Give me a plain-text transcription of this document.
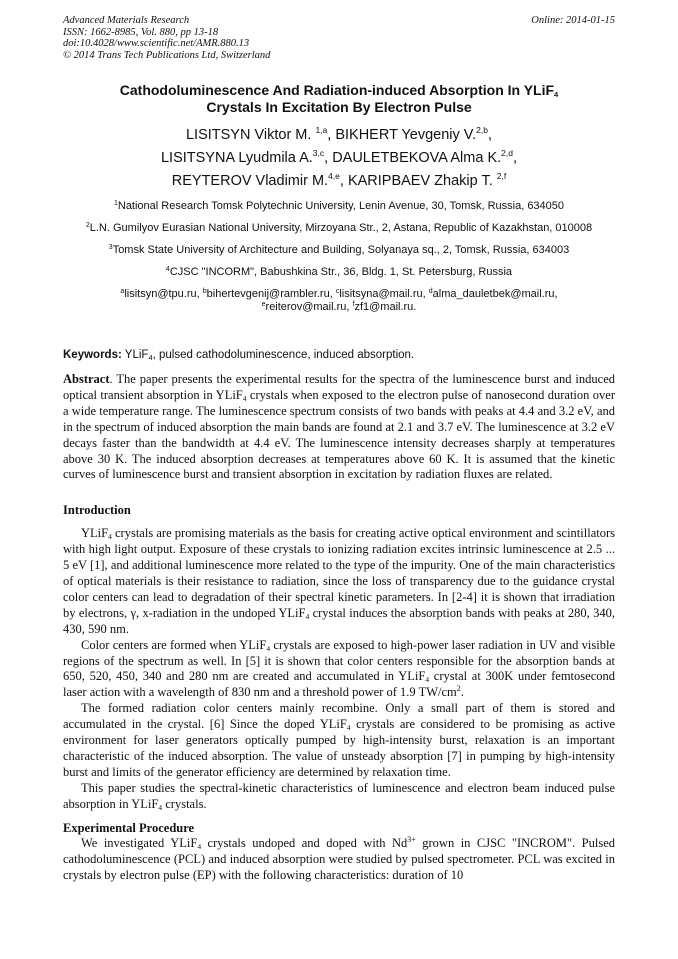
Advanced Materials Research
ISSN: 1662-8985, Vol. 880, pp 13-18
doi:10.4028/www.scientific.net/AMR.880.13
© 2014 Trans Tech Publications Ltd, Switzerland
Online: 2014-01-15
Cathodoluminescence And Radiation-induced Absorption In YLiF$_4$
Crystals In Excitation By Electron Pulse
LISITSYN Viktor M. $^{1,a}$, BIKHERT Yevgeniy V.$^{2,b}$,
LISITSYNA Lyudmila A.$^{3,c}$, DAULETBEKOVA Alma K.$^{2,d}$,
REYTEROV Vladimir M.$^{4,e}$, KARIPBAEV Zhakip T. $^{2,f}$

$^1$National Research Tomsk Polytechnic University, Lenin Avenue, 30, Tomsk, Russia, 634050

$^2$L.N. Gumilyov Eurasian National University, Mirzoyana Str., 2, Astana, Republic of Kazakhstan, 010008

$^3$Tomsk State University of Architecture and Building, Solyanaya sq., 2, Tomsk, Russia, 634003

$^4$CJSC "INCORM", Babushkina Str., 36, Bldg. 1, St. Petersburg, Russia

$^a$lisitsyn@tpu.ru, $^b$bihertevgenij@rambler.ru, $^c$lisitsyna@mail.ru, $^d$alma_dauletbek@mail.ru,
$^e$reiterov@mail.ru, $^f$zf1@mail.ru.

Keywords: YLiF$_4$, pulsed cathodoluminescence, induced absorption.

Abstract. The paper presents the experimental results for the spectra of the luminescence burst and induced optical transient absorption in YLiF$_4$ crystals when exposed to the electron pulse of nanosecond duration over a wide temperature range. The luminescence spectrum consists of two bands with peaks at 4.4 and 3.2 eV, and in the spectrum of induced absorption the main bands are found at 2.1 and 3.7 eV. The luminescence at 3.2 eV decays faster than the bandwidth at 4.4 eV. The luminescence intensity decreases sharply at temperatures above 30 K. The induced absorption decreases at temperatures above 60 K. It is assumed that the kinetic curves of luminescence burst and transient absorption in excitation by radiation fluxes are related.

Introduction

YLiF$_4$ crystals are promising materials as the basis for creating active optical environment and scintillators with high light output. Exposure of these crystals to ionizing radiation excites intrinsic luminescence at 2.5 ... 5 eV [1], and additional luminescence more related to the type of the impurity. One of the main characteristics of optical materials is their resistance to radiation, since the loss of transparency due to the guidance crystal color centers can lead to degradation of their spectral kinetic parameters. In [2-4] it is shown that irradiation by electrons, γ, x-radiation in the undoped YLiF$_4$ crystal induces the absorption bands with peaks at 280, 340, 430, 590 nm.

Color centers are formed when YLiF$_4$ crystals are exposed to high-power laser radiation in UV and visible regions of the spectrum as well. In [5] it is shown that color centers responsible for the absorption bands at 650, 520, 450, 340 and 280 nm are created and accumulated in YLiF$_4$ crystal at 300K under femtosecond laser action with a wavelength of 830 nm and a threshold power of 1.9 $TW/cm^2$.

The formed radiation color centers mainly recombine. Only a small part of them is stored and accumulated in the crystal. [6] Since the doped YLiF$_4$ crystals are considered to be promising as active environment for laser generators optically pumped by high-intensity burst, relaxation is an important characteristic of the induced absorption. The value of unsteady absorption [7] in pumping by high-intensity burst and limits of the generator efficiency are determined by relaxation time.

This paper studies the spectral-kinetic characteristics of luminescence and electron beam induced pulse absorption in YLiF$_4$ crystals.

Experimental Procedure

We investigated YLiF$_4$ crystals undoped and doped with $Nd^{3+}$ grown in CJSC "INCROM". Pulsed cathodoluminescence (PCL) and induced absorption were studied by pulsed spectrometer. PCL was excited in crystals by electron pulse (EP) with the following characteristics: duration of 10
